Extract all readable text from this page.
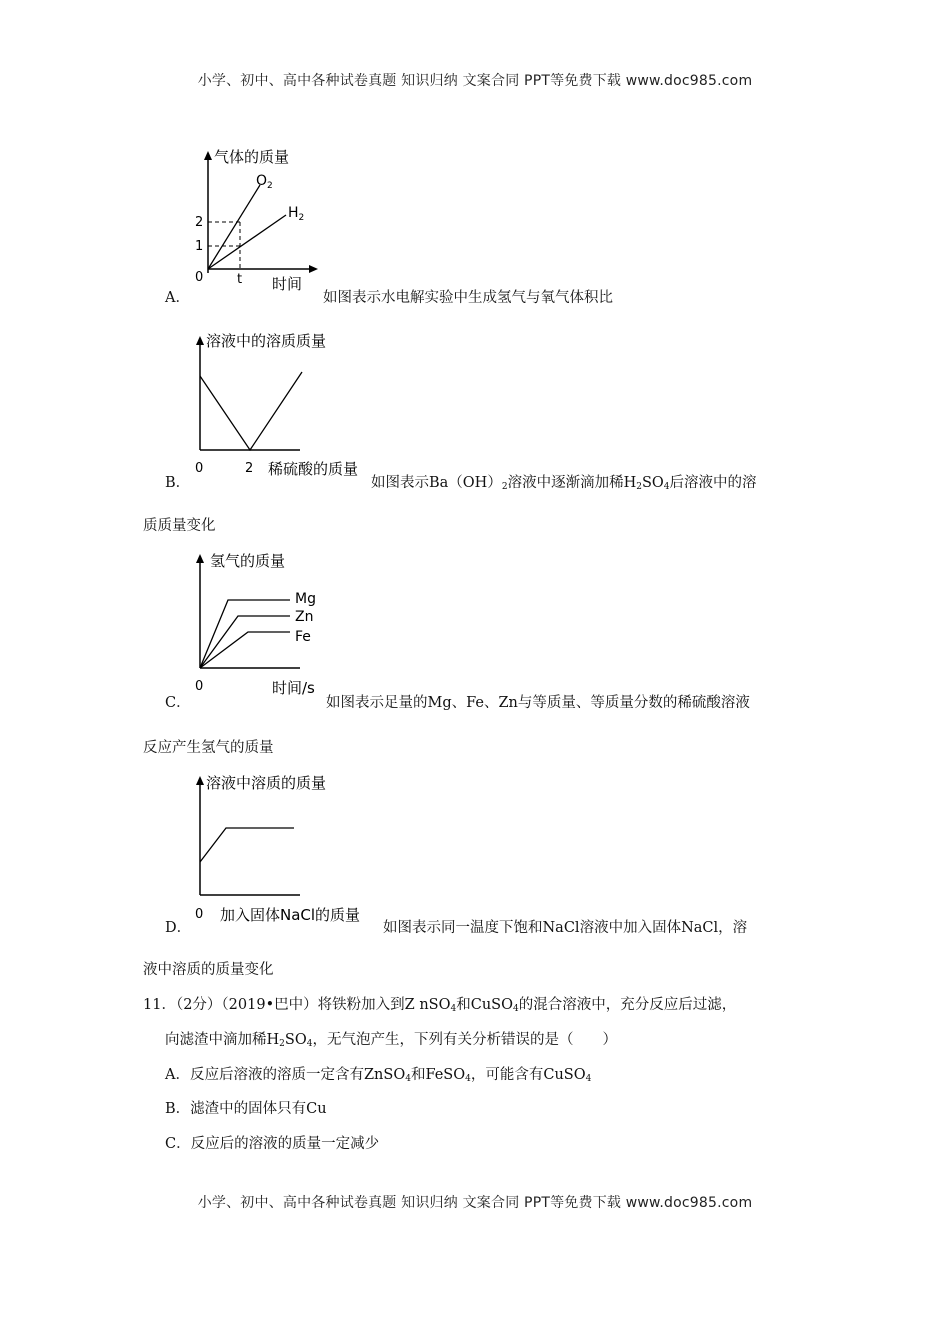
小学、初中、高中各种试卷真题 知识归纳 文案合同 PPT等免费下载 www.doc985.com
气体的质量
$O_2$
$H_2$
2
1
0	t 时间
A．	如图表示水电解实验中生成氢气与氧气体积比
溶液中的溶质质量
0	2 稀硫酸的质量
B．	如图表示$Ba(OH)_2$溶液中逐渐滴加稀$H_2SO_4$后溶液中的溶
质质量变化
氢气的质量
Mg
Zn
Fe
0	时间/s
C．	如图表示足量的Mg、Fe、Zn与等质量、等质量分数的稀硫酸溶液
反应产生氢气的质量
溶液中溶质的质量
0 加入固体NaCl的质量
D．	如图表示同一温度下饱和NaCl溶液中加入固体NaCl，溶
液中溶质的质量变化
11．（2分）（2019•巴中）将铁粉加入到Z nSO$_4$和CuSO$_4$的混合溶液中，充分反应后过滤，
向滤渣中滴加稀$H_2SO_4$，无气泡产生，下列有关分析错误的是（　　）
A．反应后溶液的溶质一定含有ZnSO$_4$和FeSO$_4$，可能含有CuSO$_4$
B．滤渣中的固体只有Cu
C．反应后的溶液的质量一定减少
小学、初中、高中各种试卷真题 知识归纳 文案合同 PPT等免费下载 www.doc985.com
